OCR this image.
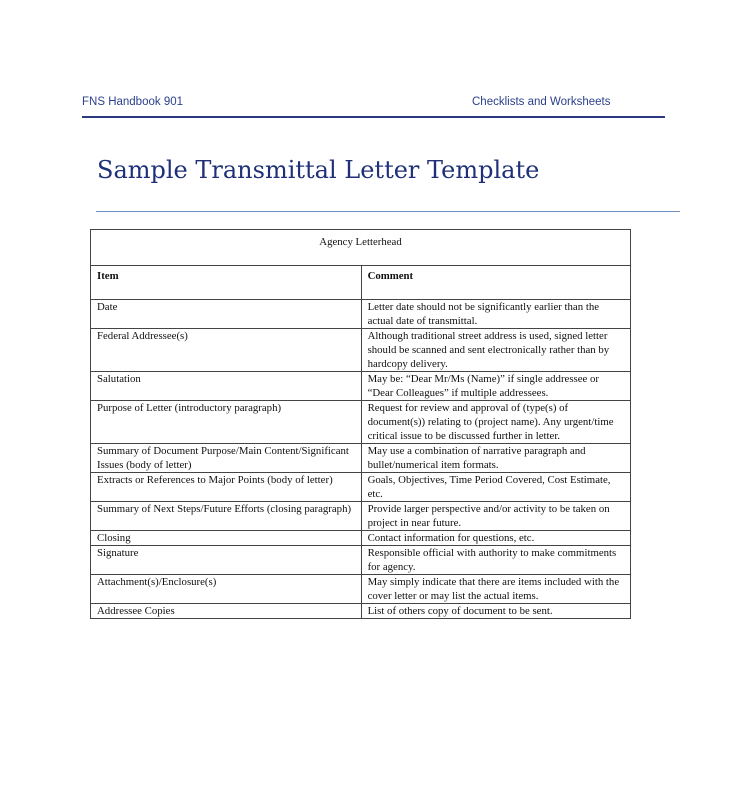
FNS Handbook 901	Checklists and Worksheets
Sample Transmittal Letter Template
Agency Letterhead	
Item	Comment
Date	Letter date should not be significantly earlier than the actual date of transmittal.
Federal Addressee(s)	Although traditional street address is used, signed letter should be scanned and sent electronically rather than by hardcopy delivery.
Salutation	May be: “Dear Mr/Ms (Name)” if single addressee or “Dear Colleagues” if multiple addressees.
Purpose of Letter (introductory paragraph)	Request for review and approval of (type(s) of document(s)) relating to (project name). Any urgent/time critical issue to be discussed further in letter.
Summary of Document Purpose/Main Content/Significant Issues (body of letter)	May use a combination of narrative paragraph and bullet/numerical item formats.
Extracts or References to Major Points (body of letter)	Goals, Objectives, Time Period Covered, Cost Estimate, etc.
Summary of Next Steps/Future Efforts (closing paragraph)	Provide larger perspective and/or activity to be taken on project in near future.
Closing	Contact information for questions, etc.
Signature	Responsible official with authority to make commitments for agency.
Attachment(s)/Enclosure(s)	May simply indicate that there are items included with the cover letter or may list the actual items.
Addressee Copies	List of others copy of document to be sent.
